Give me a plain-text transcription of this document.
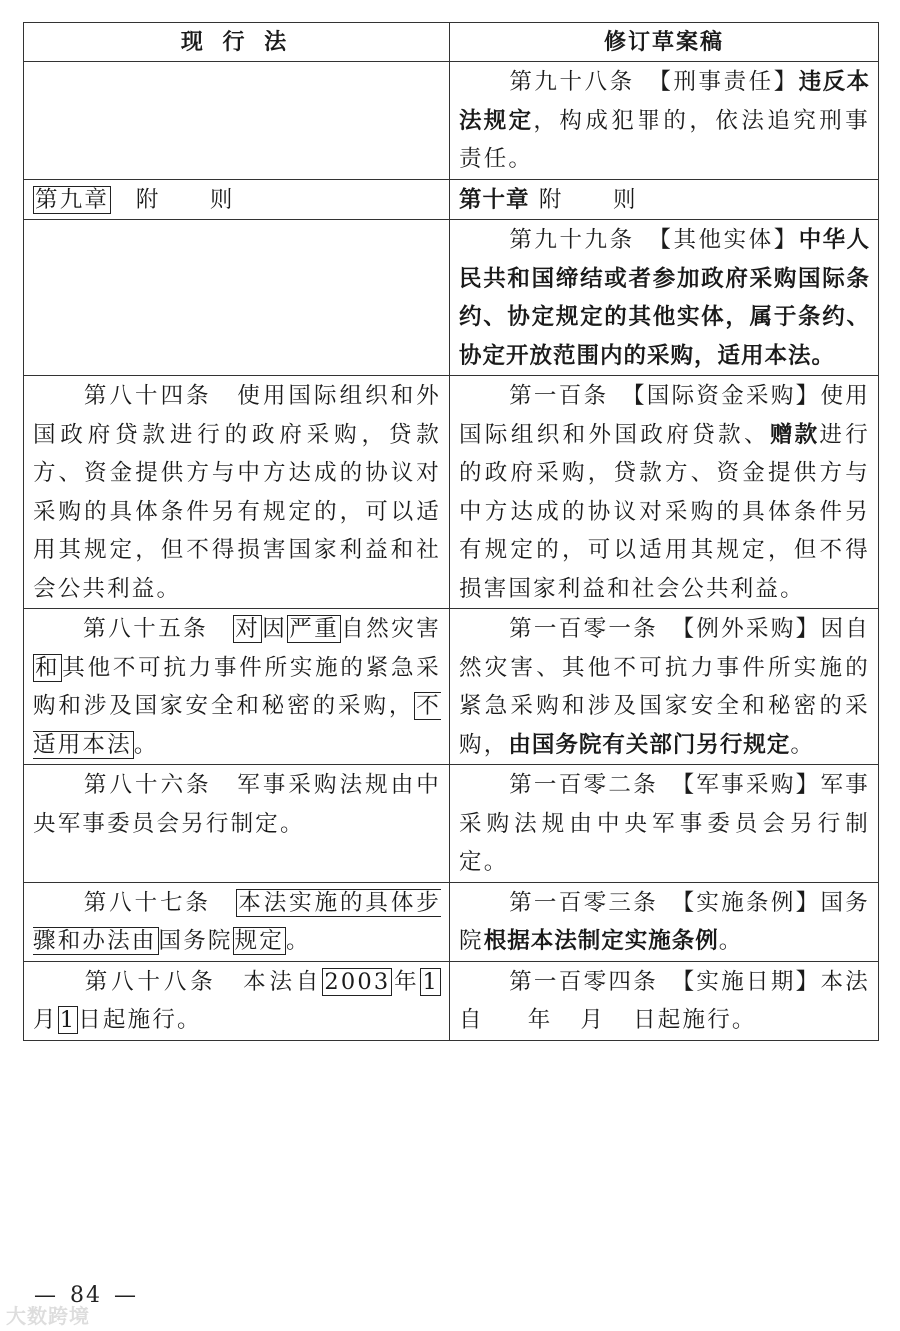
现 行 法	修订草案稿
	第九十八条　【刑事责任】违反本法规定，构成犯罪的，依法追究刑事责任。
第九章　 附　　则	第十章 附　　则
	第九十九条　【其他实体】中华人民共和国缔结或者参加政府采购国际条约、协定规定的其他实体，属于条约、协定开放范围内的采购，适用本法。
第八十四条　使用国际组织和外国政府贷款进行的政府采购，贷款方、资金提供方与中方达成的协议对采购的具体条件另有规定的，可以适用其规定，但不得损害国家利益和社会公共利益。	第一百条　【国际资金采购】使用国际组织和外国政府贷款、赠款进行的政府采购，贷款方、资金提供方与中方达成的协议对采购的具体条件另有规定的，可以适用其规定，但不得损害国家利益和社会公共利益。
第八十五条　对因严重自然灾害和其他不可抗力事件所实施的紧急采购和涉及国家安全和秘密的采购，不适用本法。	第一百零一条　【例外采购】因自然灾害、其他不可抗力事件所实施的紧急采购和涉及国家安全和秘密的采购，由国务院有关部门另行规定。
第八十六条　军事采购法规由中央军事委员会另行制定。	第一百零二条　【军事采购】军事采购法规由中央军事委员会另行制定。
第八十七条　本法实施的具体步骤和办法由国务院规定。	第一百零三条　【实施条例】国务院根据本法制定实施条例。
第八十八条　本法自2003年1月1日起施行。	第一百零四条　【实施日期】本法自 年 月 日起施行。
— 84 —
大数跨境
